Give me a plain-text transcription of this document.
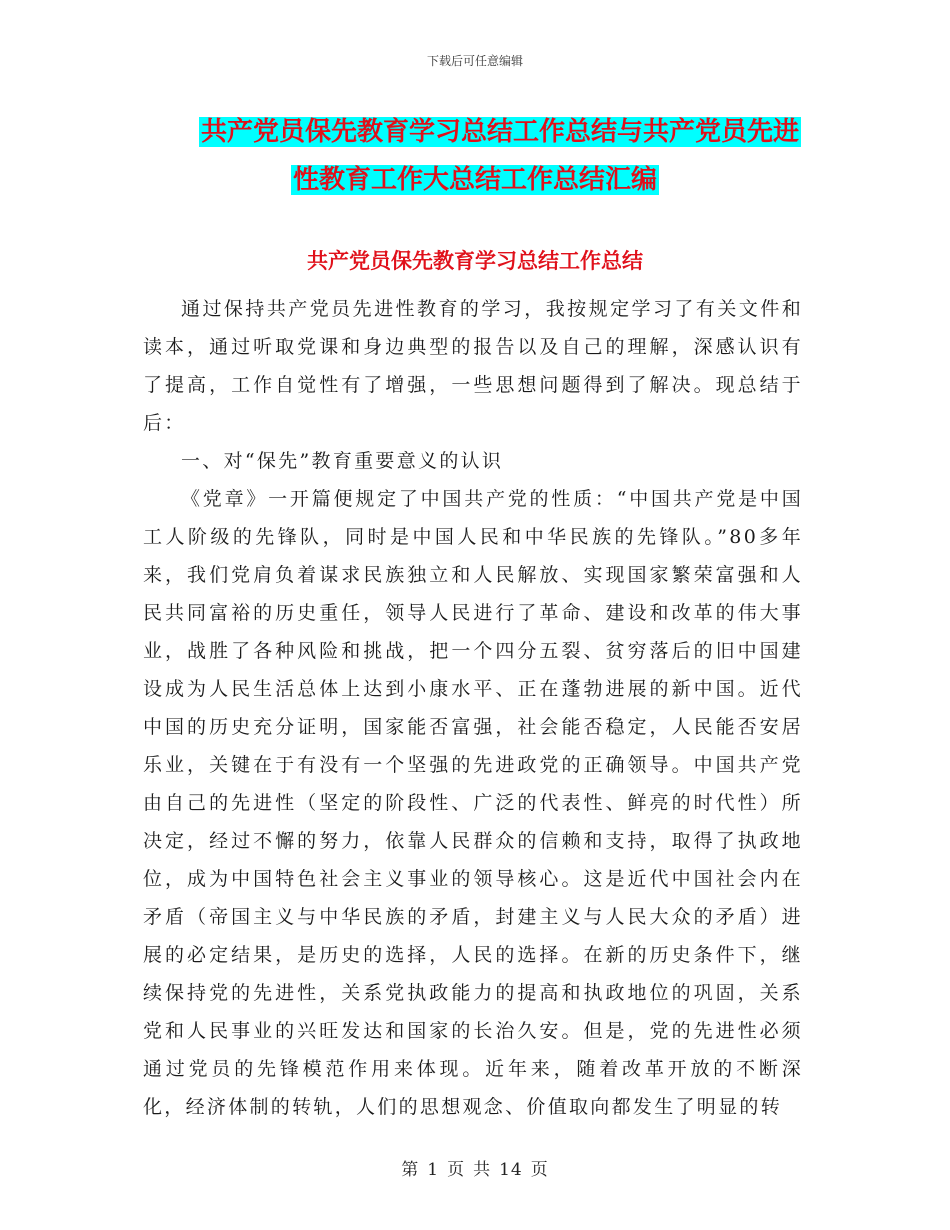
下载后可任意编辑
共产党员保先教育学习总结工作总结与共产党员先进
性教育工作大总结工作总结汇编
共产党员保先教育学习总结工作总结

通过保持共产党员先进性教育的学习，我按规定学习了有关文件和读本，通过听取党课和身边典型的报告以及自己的理解，深感认识有了提高，工作自觉性有了增强，一些思想问题得到了解决。现总结于后：

一、对“保先”教育重要意义的认识

《党章》一开篇便规定了中国共产党的性质：“中国共产党是中国工人阶级的先锋队，同时是中国人民和中华民族的先锋队。”80多年来，我们党肩负着谋求民族独立和人民解放、实现国家繁荣富强和人民共同富裕的历史重任，领导人民进行了革命、建设和改革的伟大事业，战胜了各种风险和挑战，把一个四分五裂、贫穷落后的旧中国建设成为人民生活总体上达到小康水平、正在蓬勃进展的新中国。近代中国的历史充分证明，国家能否富强，社会能否稳定，人民能否安居乐业，关键在于有没有一个坚强的先进政党的正确领导。中国共产党由自己的先进性（坚定的阶段性、广泛的代表性、鲜亮的时代性）所决定，经过不懈的努力，依靠人民群众的信赖和支持，取得了执政地位，成为中国特色社会主义事业的领导核心。这是近代中国社会内在矛盾（帝国主义与中华民族的矛盾，封建主义与人民大众的矛盾）进展的必定结果，是历史的选择，人民的选择。在新的历史条件下，继续保持党的先进性，关系党执政能力的提高和执政地位的巩固，关系党和人民事业的兴旺发达和国家的长治久安。但是，党的先进性必须通过党员的先锋模范作用来体现。近年来，随着改革开放的不断深化，经济体制的转轨，人们的思想观念、价值取向都发生了明显的转

第 1 页 共 14 页
